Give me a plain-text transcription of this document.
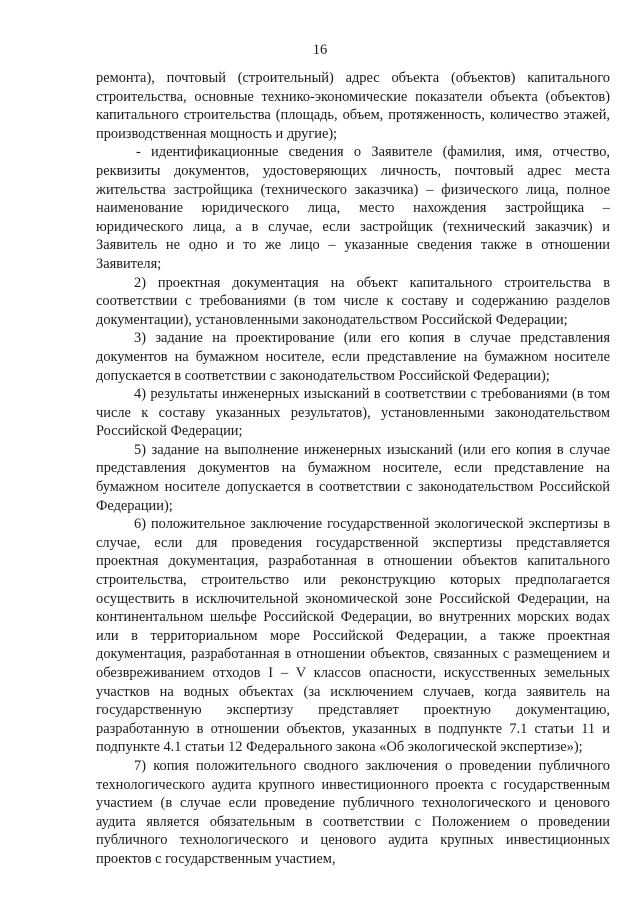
16

ремонта), почтовый (строительный) адрес объекта (объектов) капитального строительства, основные технико-экономические показатели объекта (объектов) капитального строительства (площадь, объем, протяженность, количество этажей, производственная мощность и другие);

- идентификационные сведения о Заявителе (фамилия, имя, отчество, реквизиты документов, удостоверяющих личность, почтовый адрес места жительства застройщика (технического заказчика) – физического лица, полное наименование юридического лица, место нахождения застройщика – юридического лица, а в случае, если застройщик (технический заказчик) и Заявитель не одно и то же лицо – указанные сведения также в отношении Заявителя;

2) проектная документация на объект капитального строительства в соответствии с требованиями (в том числе к составу и содержанию разделов документации), установленными законодательством Российской Федерации;

3) задание на проектирование (или его копия в случае представления документов на бумажном носителе, если представление на бумажном носителе допускается в соответствии с законодательством Российской Федерации);

4) результаты инженерных изысканий в соответствии с требованиями (в том числе к составу указанных результатов), установленными законодательством Российской Федерации;

5) задание на выполнение инженерных изысканий (или его копия в случае представления документов на бумажном носителе, если представление на бумажном носителе допускается в соответствии с законодательством Российской Федерации);

6) положительное заключение государственной экологической экспертизы в случае, если для проведения государственной экспертизы представляется проектная документация, разработанная в отношении объектов капитального строительства, строительство или реконструкцию которых предполагается осуществить в исключительной экономической зоне Российской Федерации, на континентальном шельфе Российской Федерации, во внутренних морских водах или в территориальном море Российской Федерации, а также проектная документация, разработанная в отношении объектов, связанных с размещением и обезвреживанием отходов I – V классов опасности, искусственных земельных участков на водных объектах (за исключением случаев, когда заявитель на государственную экспертизу представляет проектную документацию, разработанную в отношении объектов, указанных в подпункте 7.1 статьи 11 и подпункте 4.1 статьи 12 Федерального закона «Об экологической экспертизе»);

7) копия положительного сводного заключения о проведении публичного технологического аудита крупного инвестиционного проекта с государственным участием (в случае если проведение публичного технологического и ценового аудита является обязательным в соответствии с Положением о проведении публичного технологического и ценового аудита крупных инвестиционных проектов с государственным участием,
